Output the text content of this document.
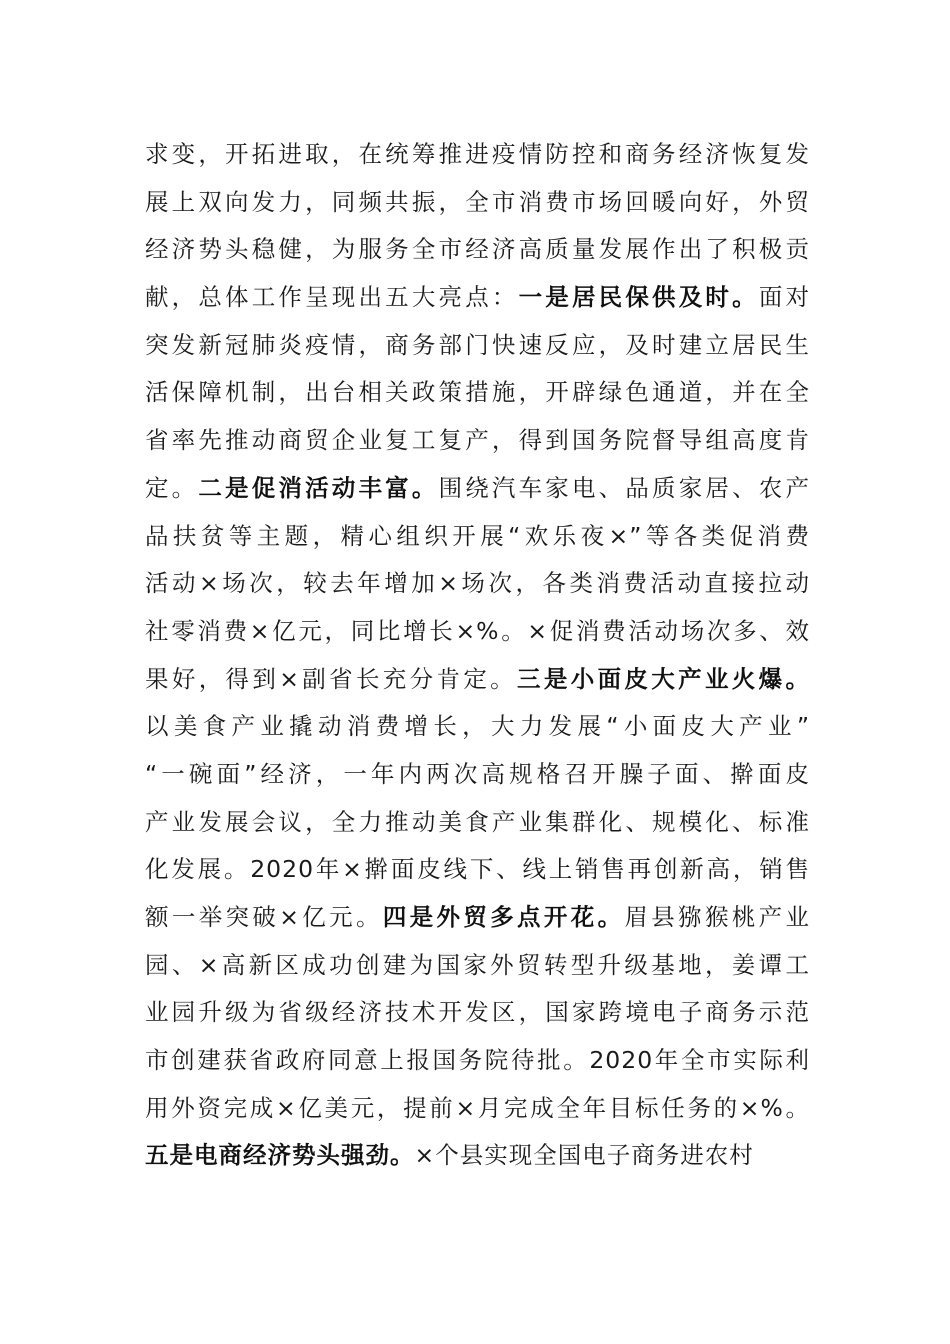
求变，开拓进取，在统筹推进疫情防控和商务经济恢复发
展上双向发力，同频共振，全市消费市场回暖向好，外贸
经济势头稳健，为服务全市经济高质量发展作出了积极贡
献，总体工作呈现出五大亮点：一是居民保供及时。面对
突发新冠肺炎疫情，商务部门快速反应，及时建立居民生
活保障机制，出台相关政策措施，开辟绿色通道，并在全
省率先推动商贸企业复工复产，得到国务院督导组高度肯
定。二是促消活动丰富。围绕汽车家电、品质家居、农产
品扶贫等主题，精心组织开展“欢乐夜×”等各类促消费
活动×场次，较去年增加×场次，各类消费活动直接拉动
社零消费×亿元，同比增长×%。×促消费活动场次多、效
果好，得到×副省长充分肯定。三是小面皮大产业火爆。
以美食产业撬动消费增长，大力发展“小面皮大产业”
“一碗面”经济，一年内两次高规格召开臊子面、擀面皮
产业发展会议，全力推动美食产业集群化、规模化、标准
化发展。2020年×擀面皮线下、线上销售再创新高，销售
额一举突破×亿元。四是外贸多点开花。眉县猕猴桃产业
园、×高新区成功创建为国家外贸转型升级基地，姜谭工
业园升级为省级经济技术开发区，国家跨境电子商务示范
市创建获省政府同意上报国务院待批。2020年全市实际利
用外资完成×亿美元，提前×月完成全年目标任务的×%。
五是电商经济势头强劲。×个县实现全国电子商务进农村
